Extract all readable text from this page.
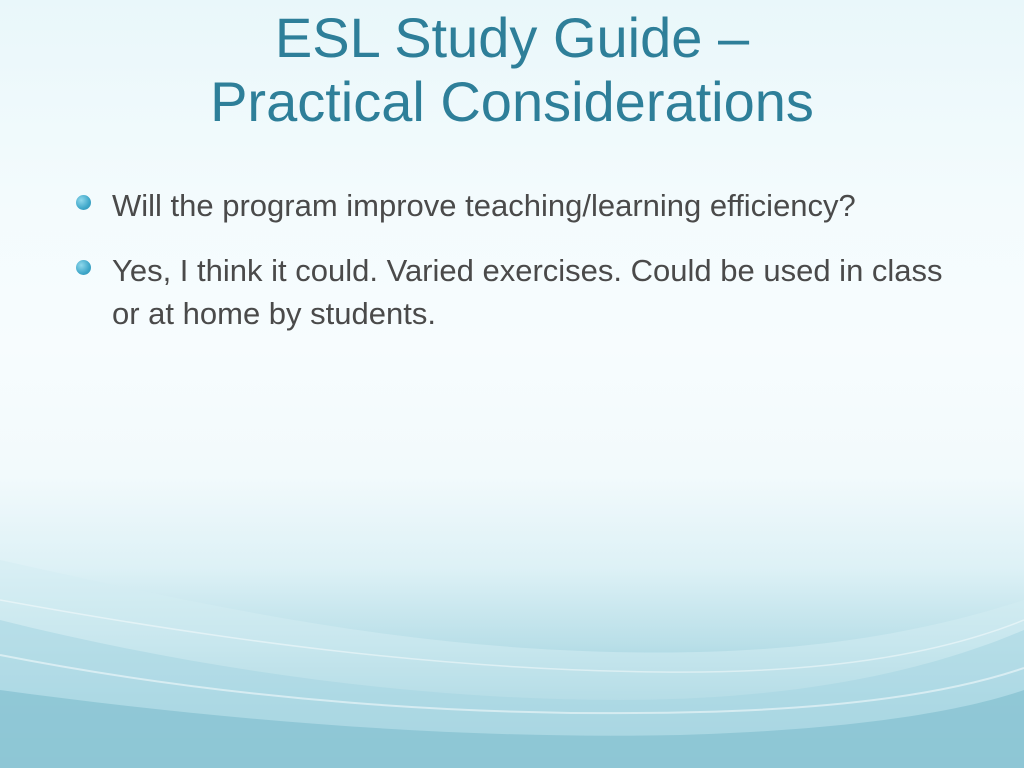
ESL Study Guide –
Practical Considerations
Will the program improve teaching/learning efficiency?
Yes, I think it could. Varied exercises. Could be used in class or at home by students.
